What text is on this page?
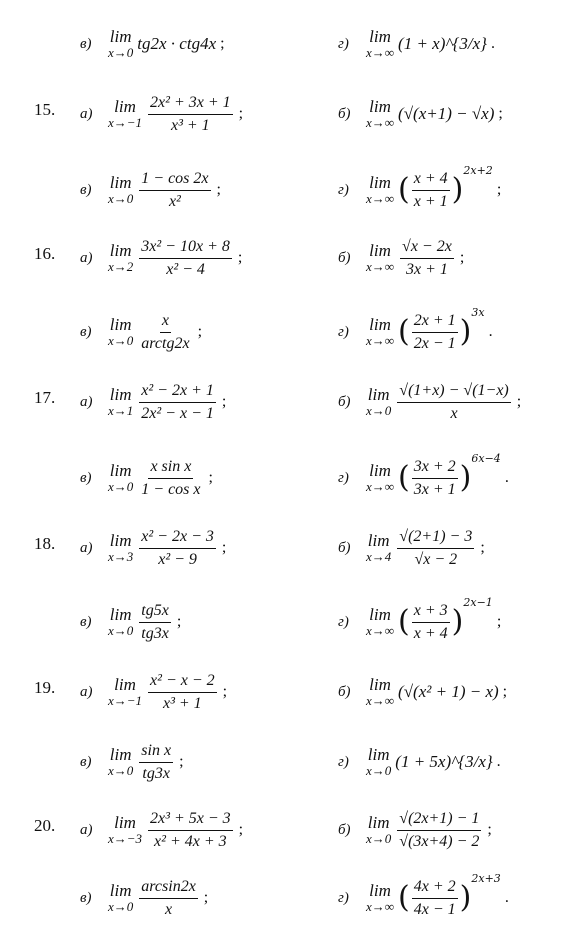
в)	lim
x→0 tg2x · ctg4x ;	г)	lim
x→∞ (1 + x)^{3/x} .
15. а)	lim
$x\to-1 \frac{\text{2x² + 3x + 1}}{\text{x³ + 1}}$ ;	б)	lim
x→∞ (√(x+1) − √x) ;
в)	lim
$x\to 0 \frac{1 - \cos 2x}{\text{x²}}$ ;	г)	lim
x→∞ ( $\frac{x + 4}{x + 1}$ )
$^{2x+2}$
;
16. а)	lim
$x\to 2 \frac{\text{3x² − 10x + 8}}{\text{x² − 4}}$ ;	б)	lim
$x\to\infty \frac{√x - 2x}{3x + 1}$ ;
в)	lim
$x\to 0 \frac{x}{\text{arctg2x}}$ ;	г)	lim
x→∞ ( $\frac{2x + 1}{2x - 1}$ )
$^{3x}$
.
17. а)	lim
$x\to 1 \frac{\text{x² − 2x + 1}}{\text{2x² − x − 1}}$ ;	б)	lim
$x\to 0 \frac{√(1+x) - √(1-x)}{x}$ ;
в)	lim
$x\to 0 \frac{\text{x sin x}}{\text{1 − cos x}}$ ;	г)	lim
x→∞ ( $\frac{3x + 2}{3x + 1}$ )
$^{6x-4}$
.
18. а)	lim
$x\to 3 \frac{\text{x² − 2x − 3}}{\text{x² − 9}}$ ;	б)	lim
$x\to 4 \frac{√(2+1) - 3}{√x - 2}$ ;
в)	lim
$x\to 0 \frac{tg5x}{tg3x}$ ;	г)	lim
x→∞ ( $\frac{x + 3}{x + 4}$ )
$^{2x-1}$
;
19. а)	lim
$x\to-1 \frac{\text{x² − x − 2}}{\text{x³ + 1}}$ ;	б)	lim
x→∞ (√(x² + 1) − x) ;
в)	lim
$x\to 0 \frac{\text{sin x}}{tg3x}$ ;	г)	lim
x→0 (1 + 5x)^{3/x} .
20. а)	lim
$x\to-3 \frac{\text{2x³ + 5x − 3}}{\text{x² + 4x + 3}}$ ;	б)	lim
$x\to 0 \frac{√(2x+1) - 1}{√(3x+4) - 2}$ ;
в)	lim
$x\to 0 \frac{\arcsin 2x}{x}$ ;	г)	lim
x→∞ ( $\frac{4x + 2}{4x - 1}$ )
$^{2x+3}$
.
